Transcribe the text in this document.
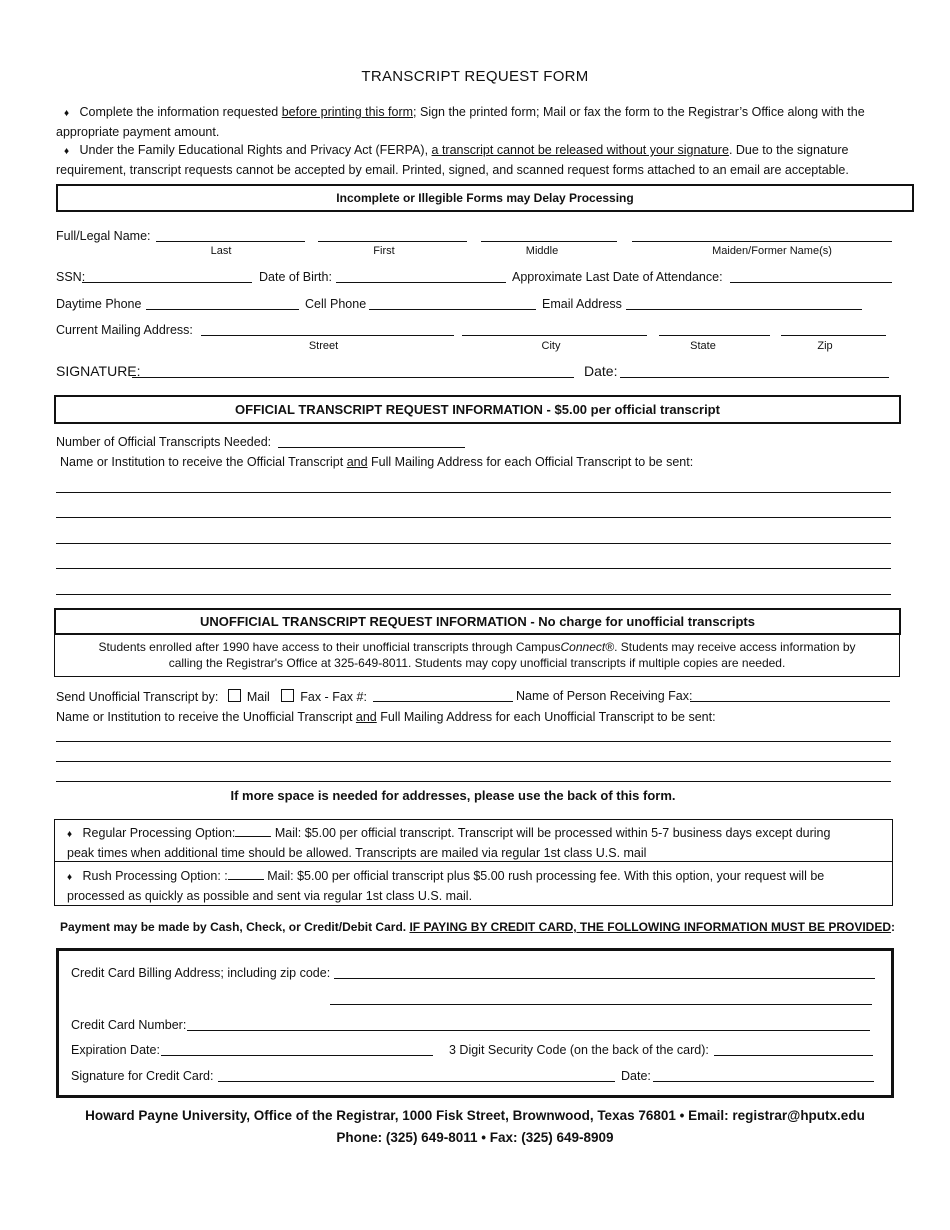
TRANSCRIPT REQUEST FORM

♦ Complete the information requested before printing this form; Sign the printed form; Mail or fax the form to the Registrar’s Office along with the appropriate payment amount.

♦ Under the Family Educational Rights and Privacy Act (FERPA), a transcript cannot be released without your signature. Due to the signature requirement, transcript requests cannot be accepted by email. Printed, signed, and scanned request forms attached to an email are acceptable.

Incomplete or Illegible Forms may Delay Processing
Full/Legal Name:
Last	First	Middle	Maiden/Former Name(s)
SSN:	Date of Birth:	Approximate Last Date of Attendance:
Daytime Phone	Cell Phone	Email Address
Current Mailing Address:
Street	City	State	Zip
SIGNATURE:	Date:
OFFICIAL TRANSCRIPT REQUEST INFORMATION - $5.00 per official transcript
Number of Official Transcripts Needed:
Name or Institution to receive the Official Transcript and Full Mailing Address for each Official Transcript to be sent:
UNOFFICIAL TRANSCRIPT REQUEST INFORMATION - No charge for unofficial transcripts
Students enrolled after 1990 have access to their unofficial transcripts through CampusConnect®. Students may receive access information by
calling the Registrar's Office at 325-649-8011. Students may copy unofficial transcripts if multiple copies are needed.
Send Unofficial Transcript by: Mail Fax - Fax #:	Name of Person Receiving Fax:
Name or Institution to receive the Unofficial Transcript and Full Mailing Address for each Unofficial Transcript to be sent:
If more space is needed for addresses, please use the back of this form.
♦ Regular Processing Option:	Mail: $5.00 per official transcript. Transcript will be processed within 5-7 business days except during
peak times when additional time should be allowed. Transcripts are mailed via regular 1st class U.S. mail
♦ Rush Processing Option: :	Mail: $5.00 per official transcript plus $5.00 rush processing fee. With this option, your request will be
processed as quickly as possible and sent via regular 1st class U.S. mail.
Payment may be made by Cash, Check, or Credit/Debit Card. IF PAYING BY CREDIT CARD, THE FOLLOWING INFORMATION MUST BE PROVIDED:
Credit Card Billing Address; including zip code:
Credit Card Number:
Expiration Date:	3 Digit Security Code (on the back of the card):
Signature for Credit Card:	Date:
Howard Payne University, Office of the Registrar, 1000 Fisk Street, Brownwood, Texas 76801 • Email: registrar@hputx.edu
Phone: (325) 649-8011 • Fax: (325) 649-8909
